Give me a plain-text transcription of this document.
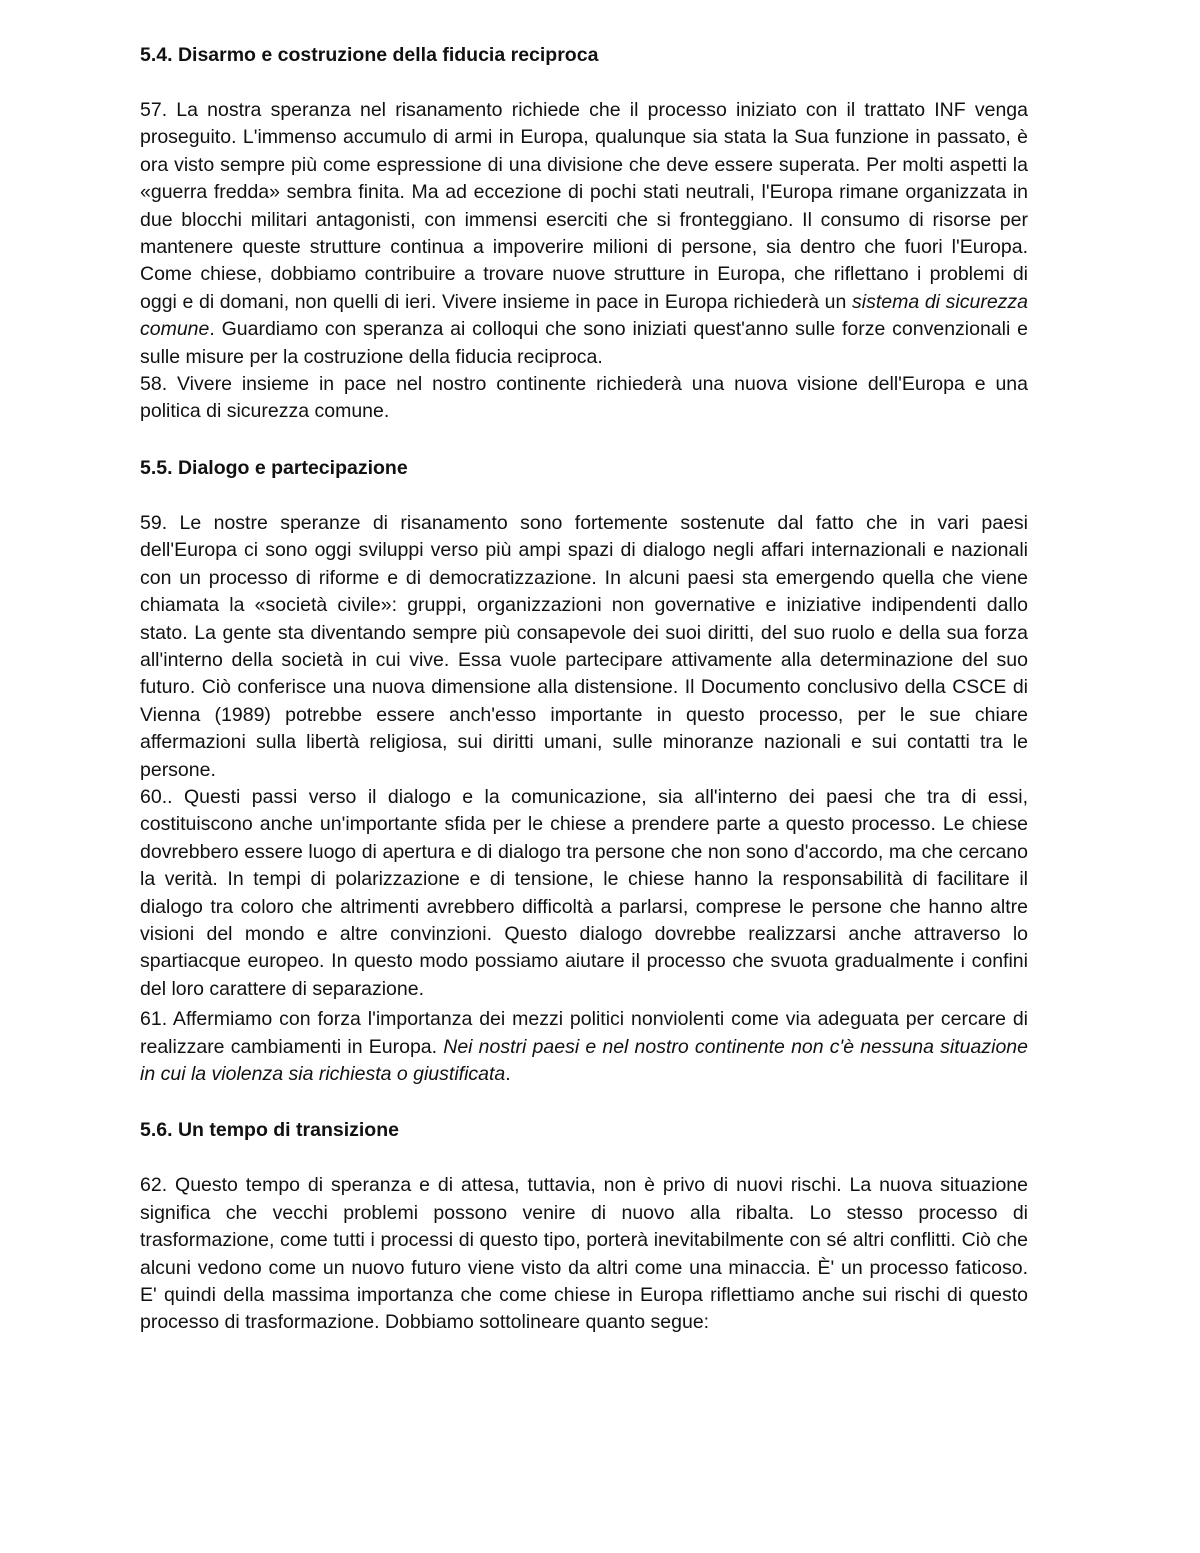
5.4. Disarmo e costruzione della fiducia reciproca

57. La nostra speranza nel risanamento richiede che il processo iniziato con il trattato INF venga proseguito. L'immenso accumulo di armi in Europa, qualunque sia stata la Sua funzione in passato, è ora visto sempre più come espressione di una divisione che deve essere superata. Per molti aspetti la «guerra fredda» sembra finita. Ma ad eccezione di pochi stati neutrali, l'Europa rimane organizzata in due blocchi militari antagonisti, con immensi eserciti che si fronteggiano. Il consumo di risorse per mantenere queste strutture continua a impoverire milioni di persone, sia dentro che fuori l'Europa. Come chiese, dobbiamo contribuire a trovare nuove strutture in Europa, che riflettano i problemi di oggi e di domani, non quelli di ieri. Vivere insieme in pace in Europa richiederà un sistema di sicurezza comune. Guardiamo con speranza ai colloqui che sono iniziati quest'anno sulle forze convenzionali e sulle misure per la costruzione della fiducia reciproca.

58. Vivere insieme in pace nel nostro continente richiederà una nuova visione dell'Europa e una politica di sicurezza comune.

5.5. Dialogo e partecipazione

59. Le nostre speranze di risanamento sono fortemente sostenute dal fatto che in vari paesi dell'Europa ci sono oggi sviluppi verso più ampi spazi di dialogo negli affari internazionali e nazionali con un processo di riforme e di democratizzazione. In alcuni paesi sta emergendo quella che viene chiamata la «società civile»: gruppi, organizzazioni non governative e iniziative indipendenti dallo stato. La gente sta diventando sempre più consapevole dei suoi diritti, del suo ruolo e della sua forza all'interno della società in cui vive. Essa vuole partecipare attivamente alla determinazione del suo futuro. Ciò conferisce una nuova dimensione alla distensione. Il Documento conclusivo della CSCE di Vienna (1989) potrebbe essere anch'esso importante in questo processo, per le sue chiare affermazioni sulla libertà religiosa, sui diritti umani, sulle minoranze nazionali e sui contatti tra le persone.

60.. Questi passi verso il dialogo e la comunicazione, sia all'interno dei paesi che tra di essi, costituiscono anche un'importante sfida per le chiese a prendere parte a questo processo. Le chiese dovrebbero essere luogo di apertura e di dialogo tra persone che non sono d'accordo, ma che cercano la verità. In tempi di polarizzazione e di tensione, le chiese hanno la responsabilità di facilitare il dialogo tra coloro che altrimenti avrebbero difficoltà a parlarsi, comprese le persone che hanno altre visioni del mondo e altre convinzioni. Questo dialogo dovrebbe realizzarsi anche attraverso lo spartiacque europeo. In questo modo possiamo aiutare il processo che svuota gradualmente i confini del loro carattere di separazione.

61. Affermiamo con forza l'importanza dei mezzi politici nonviolenti come via adeguata per cercare di realizzare cambiamenti in Europa. Nei nostri paesi e nel nostro continente non c'è nessuna situazione in cui la violenza sia richiesta o giustificata.

5.6. Un tempo di transizione

62. Questo tempo di speranza e di attesa, tuttavia, non è privo di nuovi rischi. La nuova situazione significa che vecchi problemi possono venire di nuovo alla ribalta. Lo stesso processo di trasformazione, come tutti i processi di questo tipo, porterà inevitabilmente con sé altri conflitti. Ciò che alcuni vedono come un nuovo futuro viene visto da altri come una minaccia. È' un processo faticoso. E' quindi della massima importanza che come chiese in Europa riflettiamo anche sui rischi di questo processo di trasformazione. Dobbiamo sottolineare quanto segue:
